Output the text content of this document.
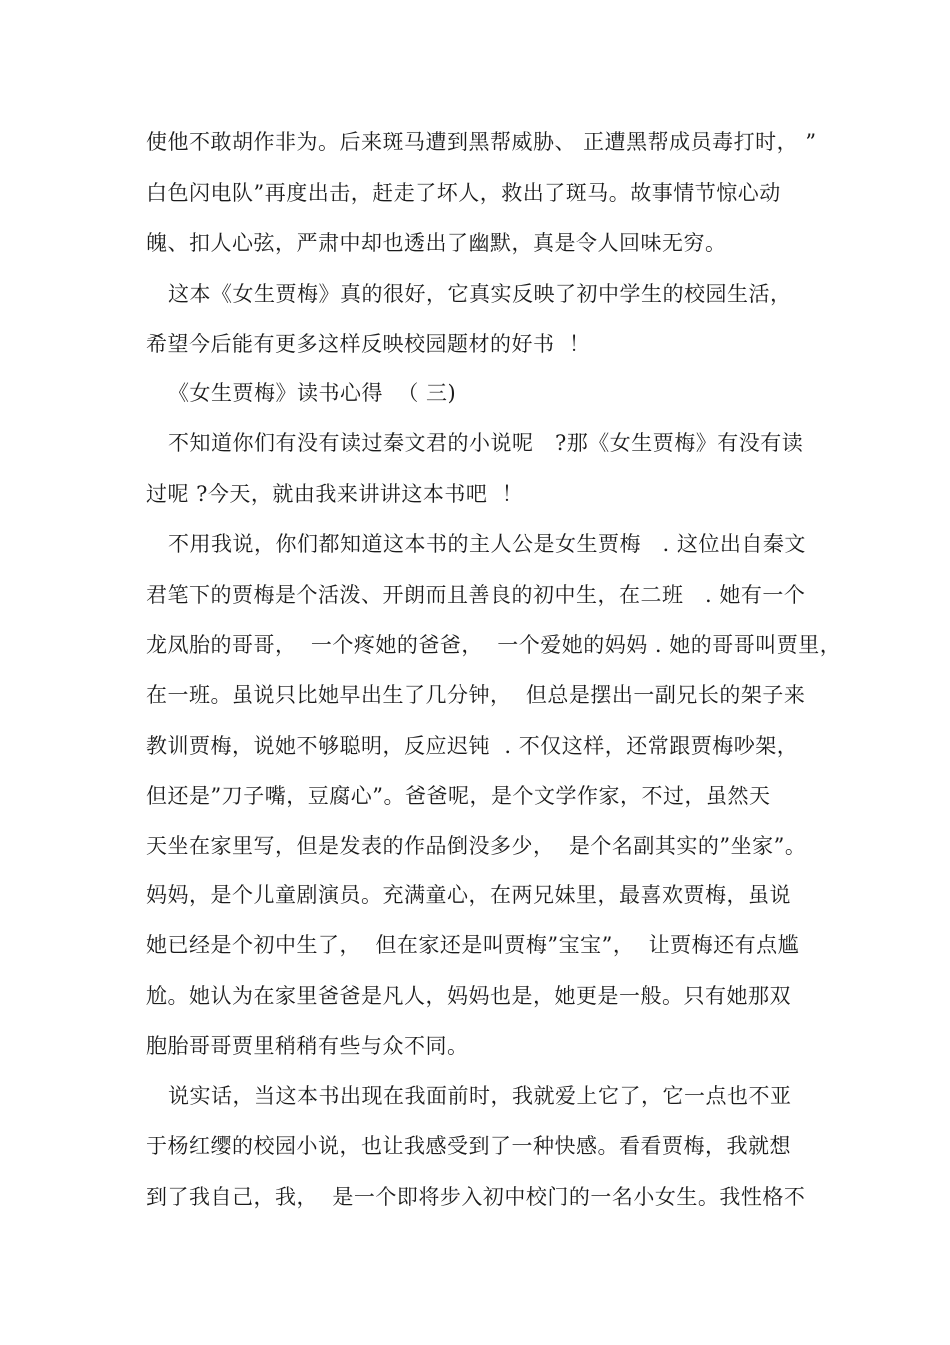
使他不敢胡作非为。后来斑马遭到黑帮威胁、 正遭黑帮成员毒打时， ”

白色闪电队”再度出击，赶走了坏人，救出了斑马。故事情节惊心动

魄、扣人心弦，严肃中却也透出了幽默，真是令人回味无穷。

这本《女生贾梅》真的很好，它真实反映了初中学生的校园生活，

希望今后能有更多这样反映校园题材的好书  ！

《女生贾梅》读书心得  （ 三)

不知道你们有没有读过秦文君的小说呢   ?那《女生贾梅》有没有读

过呢 ?今天，就由我来讲讲这本书吧  ！

不用我说，你们都知道这本书的主人公是女生贾梅   . 这位出自秦文

君笔下的贾梅是个活泼、开朗而且善良的初中生，在二班   . 她有一个

龙凤胎的哥哥，  一个疼她的爸爸，  一个爱她的妈妈 . 她的哥哥叫贾里，

在一班。虽说只比她早出生了几分钟，  但总是摆出一副兄长的架子来

教训贾梅，说她不够聪明，反应迟钝  . 不仅这样，还常跟贾梅吵架，

但还是”刀子嘴，豆腐心”。爸爸呢，是个文学作家，不过，虽然天

天坐在家里写，但是发表的作品倒没多少，  是个名副其实的”坐家”。

妈妈，是个儿童剧演员。充满童心，在两兄妹里，最喜欢贾梅，虽说

她已经是个初中生了，  但在家还是叫贾梅”宝宝”，  让贾梅还有点尴

尬。她认为在家里爸爸是凡人，妈妈也是，她更是一般。只有她那双

胞胎哥哥贾里稍稍有些与众不同。

说实话，当这本书出现在我面前时，我就爱上它了，它一点也不亚

于杨红缨的校园小说，也让我感受到了一种快感。看看贾梅，我就想

到了我自己，我，  是一个即将步入初中校门的一名小女生。我性格不
